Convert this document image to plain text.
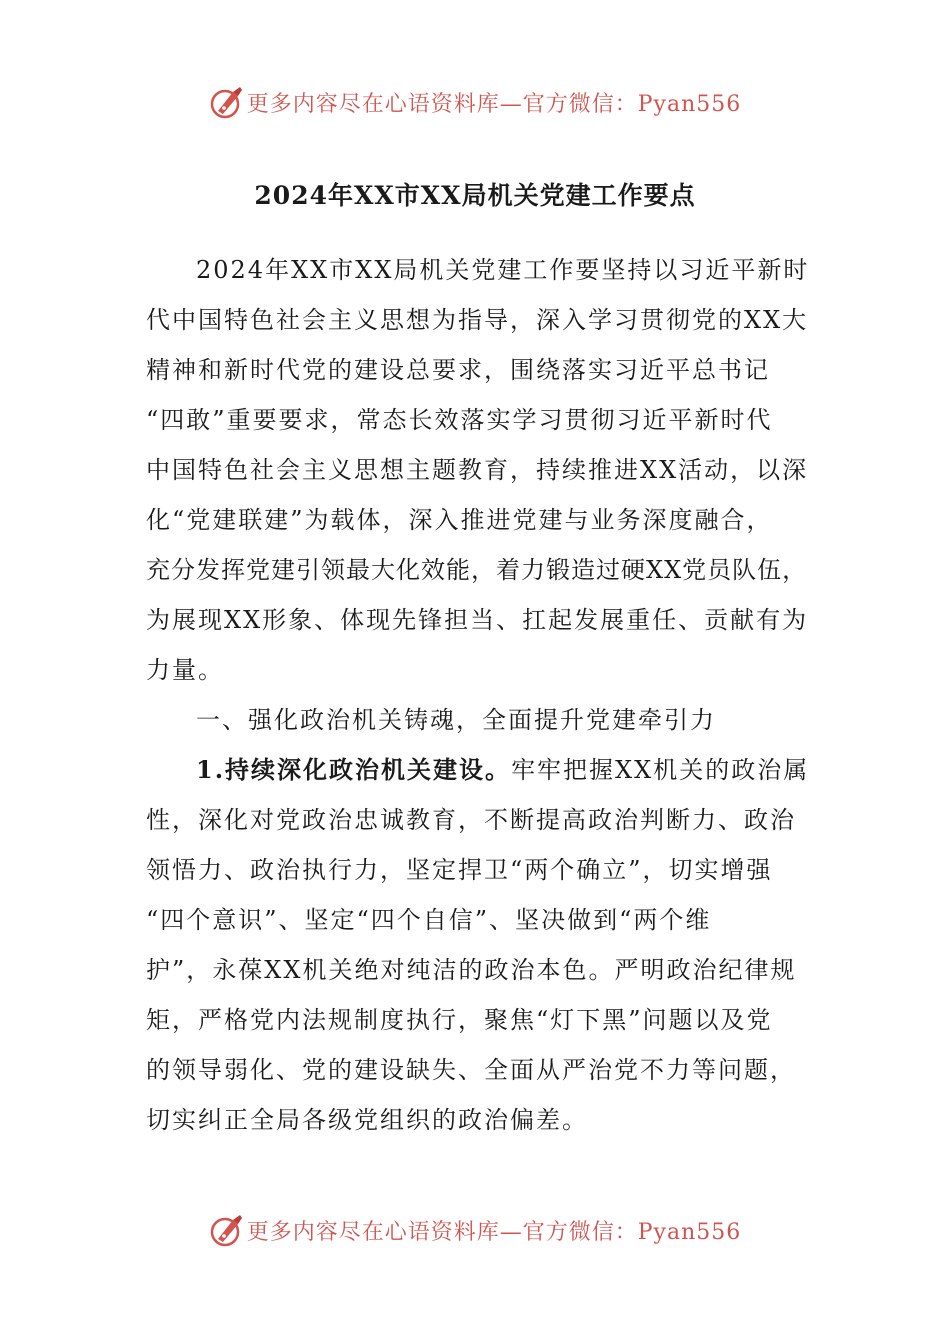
更多内容尽在心语资料库—官方微信：Pyan556
2024年XX市XX局机关党建工作要点
2024年XX市XX局机关党建工作要坚持以习近平新时
代中国特色社会主义思想为指导，深入学习贯彻党的XX大
精神和新时代党的建设总要求，围绕落实习近平总书记
“四敢”重要要求，常态长效落实学习贯彻习近平新时代
中国特色社会主义思想主题教育，持续推进XX活动，以深
化“党建联建”为载体，深入推进党建与业务深度融合，
充分发挥党建引领最大化效能，着力锻造过硬XX党员队伍，
为展现XX形象、体现先锋担当、扛起发展重任、贡献有为
力量。
一、强化政治机关铸魂，全面提升党建牵引力
1.持续深化政治机关建设。牢牢把握XX机关的政治属
性，深化对党政治忠诚教育，不断提高政治判断力、政治
领悟力、政治执行力，坚定捍卫“两个确立”，切实增强
“四个意识”、坚定“四个自信”、坚决做到“两个维
护”，永葆XX机关绝对纯洁的政治本色。严明政治纪律规
矩，严格党内法规制度执行，聚焦“灯下黑”问题以及党
的领导弱化、党的建设缺失、全面从严治党不力等问题，
切实纠正全局各级党组织的政治偏差。
更多内容尽在心语资料库—官方微信：Pyan556
